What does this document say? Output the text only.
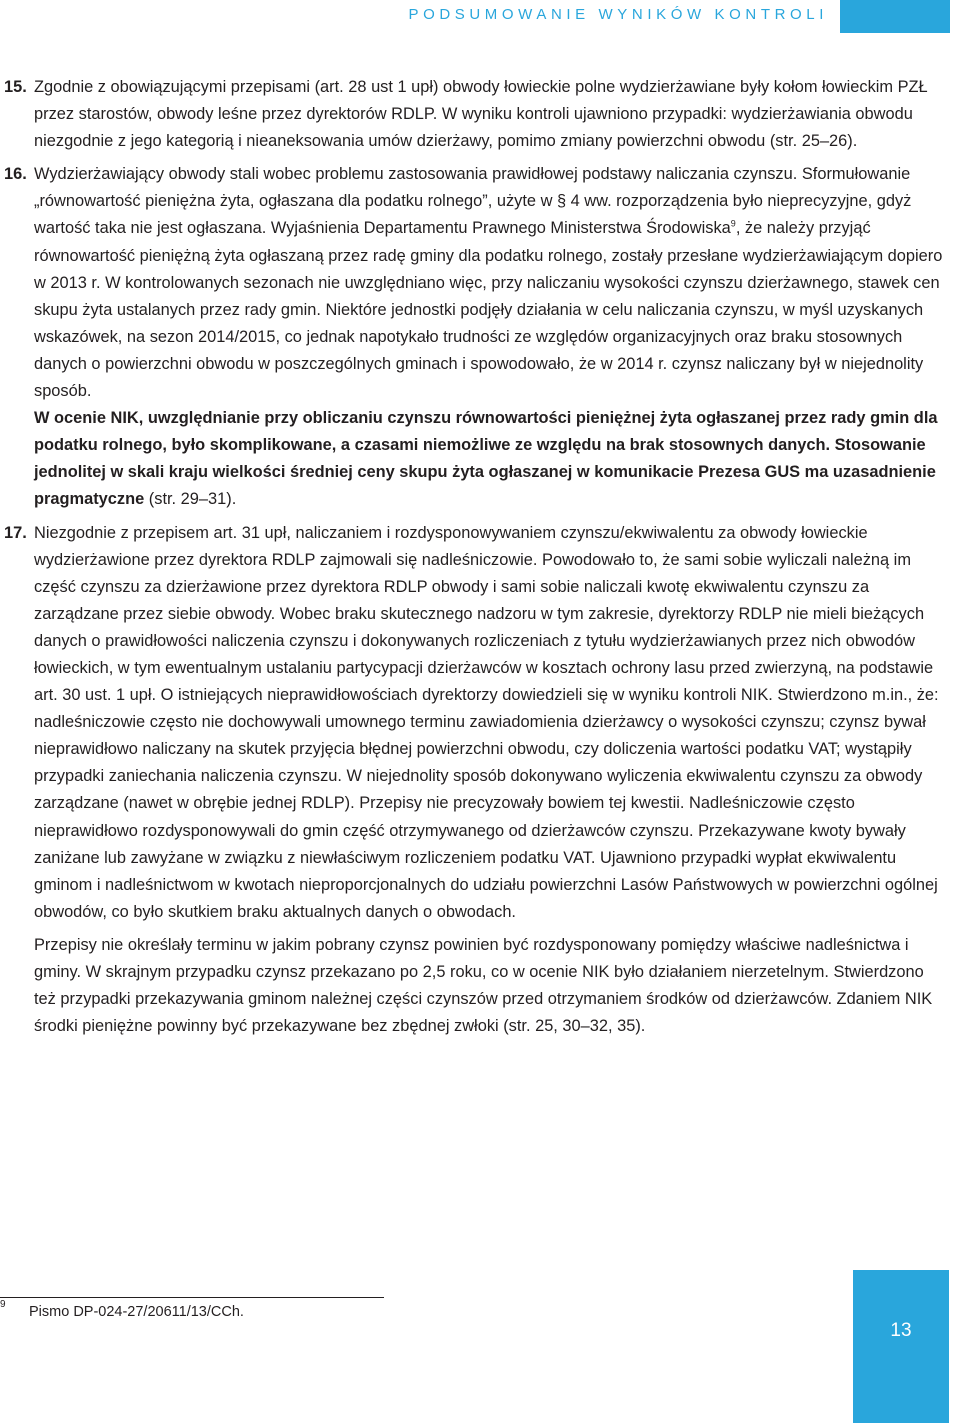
PODSUMOWANIE WYNIKÓW KONTROLI

15. Zgodnie z obowiązującymi przepisami (art. 28 ust 1 upł) obwody łowieckie polne wydzierżawiane były kołom łowieckim PZŁ przez starostów, obwody leśne przez dyrektorów RDLP. W wyniku kontroli ujawniono przypadki: wydzierżawiania obwodu niezgodnie z jego kategorią i nieaneksowania umów dzierżawy, pomimo zmiany powierzchni obwodu (str. 25–26).

16. Wydzierżawiający obwody stali wobec problemu zastosowania prawidłowej podstawy naliczania czynszu. Sformułowanie „równowartość pieniężna żyta, ogłaszana dla podatku rolnego”, użyte w § 4 ww. rozporządzenia było nieprecyzyjne, gdyż wartość taka nie jest ogłaszana. Wyjaśnienia Departamentu Prawnego Ministerstwa Środowiska$^9$, że należy przyjąć równowartość pieniężną żyta ogłaszaną przez radę gminy dla podatku rolnego, zostały przesłane wydzierżawiającym dopiero w 2013 r. W kontrolowanych sezonach nie uwzględniano więc, przy naliczaniu wysokości czynszu dzierżawnego, stawek cen skupu żyta ustalanych przez rady gmin. Niektóre jednostki podjęły działania w celu naliczania czynszu, w myśl uzyskanych wskazówek, na sezon 2014/2015, co jednak napotykało trudności ze względów organizacyjnych oraz braku stosownych danych o powierzchni obwodu w poszczególnych gminach i spowodowało, że w 2014 r. czynsz naliczany był w niejednolity sposób.
W ocenie NIK, uwzględnianie przy obliczaniu czynszu równowartości pieniężnej żyta ogłaszanej przez rady gmin dla podatku rolnego, było skomplikowane, a czasami niemożliwe ze względu na brak stosownych danych. Stosowanie jednolitej w skali kraju wielkości średniej ceny skupu żyta ogłaszanej w komunikacie Prezesa GUS ma uzasadnienie pragmatyczne (str. 29–31).

17. Niezgodnie z przepisem art. 31 upł, naliczaniem i rozdysponowywaniem czynszu/ekwiwalentu za obwody łowieckie wydzierżawione przez dyrektora RDLP zajmowali się nadleśniczowie. Powodowało to, że sami sobie wyliczali należną im część czynszu za dzierżawione przez dyrektora RDLP obwody i sami sobie naliczali kwotę ekwiwalentu czynszu za zarządzane przez siebie obwody. Wobec braku skutecznego nadzoru w tym zakresie, dyrektorzy RDLP nie mieli bieżących danych o prawidłowości naliczenia czynszu i dokonywanych rozliczeniach z tytułu wydzierżawianych przez nich obwodów łowieckich, w tym ewentualnym ustalaniu partycypacji dzierżawców w kosztach ochrony lasu przed zwierzyną, na podstawie art. 30 ust. 1 upł. O istniejących nieprawidłowościach dyrektorzy dowiedzieli się w wyniku kontroli NIK. Stwierdzono m.in., że:
nadleśniczowie często nie dochowywali umownego terminu zawiadomienia dzierżawcy o wysokości czynszu; czynsz bywał nieprawidłowo naliczany na skutek przyjęcia błędnej powierzchni obwodu, czy doliczenia wartości podatku VAT; wystąpiły przypadki zaniechania naliczenia czynszu. W niejednolity sposób dokonywano wyliczenia ekwiwalentu czynszu za obwody zarządzane (nawet w obrębie jednej RDLP). Przepisy nie precyzowały bowiem tej kwestii. Nadleśniczowie często nieprawidłowo rozdysponowywali do gmin część otrzymywanego od dzierżawców czynszu. Przekazywane kwoty bywały zaniżane lub zawyżane w związku z niewłaściwym rozliczeniem podatku VAT. Ujawniono przypadki wypłat ekwiwalentu gminom i nadleśnictwom w kwotach nieproporcjonalnych do udziału powierzchni Lasów Państwowych w powierzchni ogólnej obwodów, co było skutkiem braku aktualnych danych o obwodach.

Przepisy nie określały terminu w jakim pobrany czynsz powinien być rozdysponowany pomiędzy właściwe nadleśnictwa i gminy. W skrajnym przypadku czynsz przekazano po 2,5 roku, co w ocenie NIK było działaniem nierzetelnym. Stwierdzono też przypadki przekazywania gminom należnej części czynszów przed otrzymaniem środków od dzierżawców. Zdaniem NIK środki pieniężne powinny być przekazywane bez zbędnej zwłoki (str. 25, 30–32, 35).

9 Pismo DP-024-27/20611/13/CCh.
13
